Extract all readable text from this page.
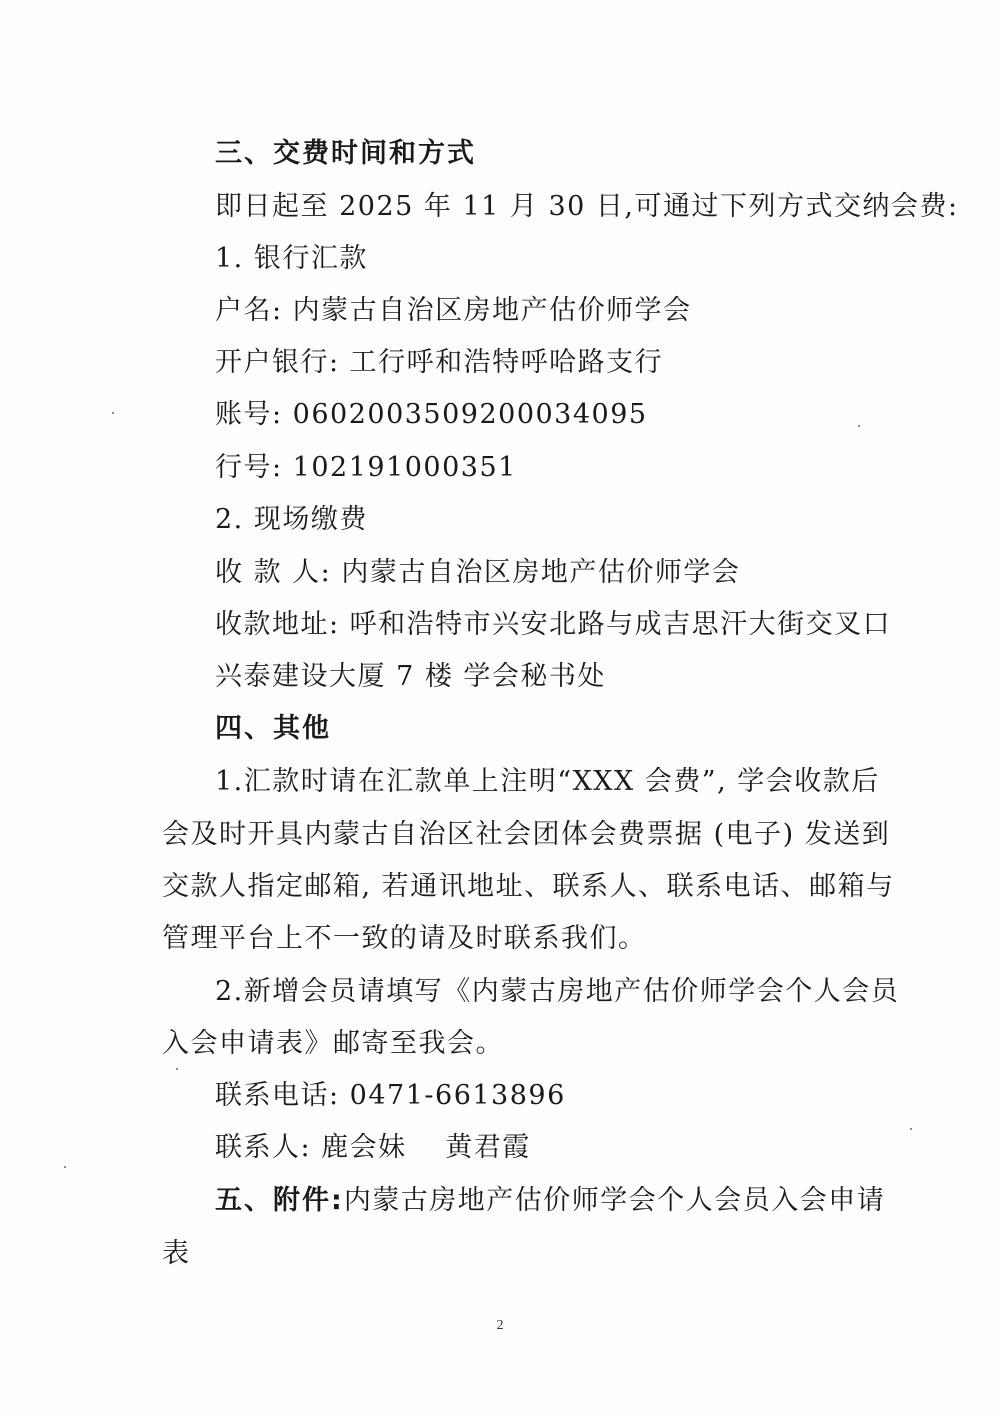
三、交费时间和方式
即日起至 2025 年 11 月 30 日,可通过下列方式交纳会费:
1. 银行汇款
户名: 内蒙古自治区房地产估价师学会
开户银行: 工行呼和浩特呼哈路支行
账号: 0602003509200034095
行号: 102191000351
2. 现场缴费
收 款 人: 内蒙古自治区房地产估价师学会
收款地址: 呼和浩特市兴安北路与成吉思汗大街交叉口
兴泰建设大厦 7 楼 学会秘书处
四、其他
1.汇款时请在汇款单上注明“XXX 会费”, 学会收款后
会及时开具内蒙古自治区社会团体会费票据 (电子) 发送到
交款人指定邮箱, 若通讯地址、联系人、联系电话、邮箱与
管理平台上不一致的请及时联系我们。
2.新增会员请填写《内蒙古房地产估价师学会个人会员
入会申请表》邮寄至我会。
联系电话: 0471-6613896
联系人: 鹿会妹　 黄君霞
五、附件:内蒙古房地产估价师学会个人会员入会申请
表
2
